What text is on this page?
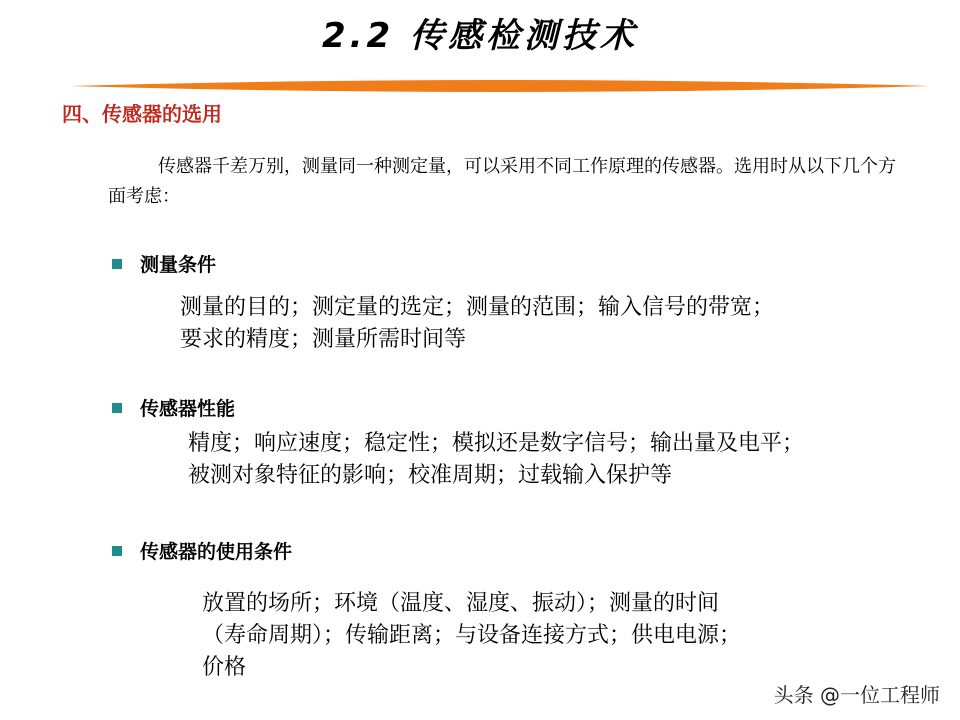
2.2 传感检测技术
四、传感器的选用
传感器千差万别，测量同一种测定量，可以采用不同工作原理的传感器。选用时从以下几个方面考虑：
测量条件
测量的目的；测定量的选定；测量的范围；输入信号的带宽；
要求的精度；测量所需时间等
传感器性能
精度；响应速度；稳定性；模拟还是数字信号；输出量及电平；
被测对象特征的影响；校准周期；过载输入保护等
传感器的使用条件
放置的场所；环境（温度、湿度、振动）；测量的时间
（寿命周期）；传输距离；与设备连接方式；供电电源；
价格
头条 @一位工程师
